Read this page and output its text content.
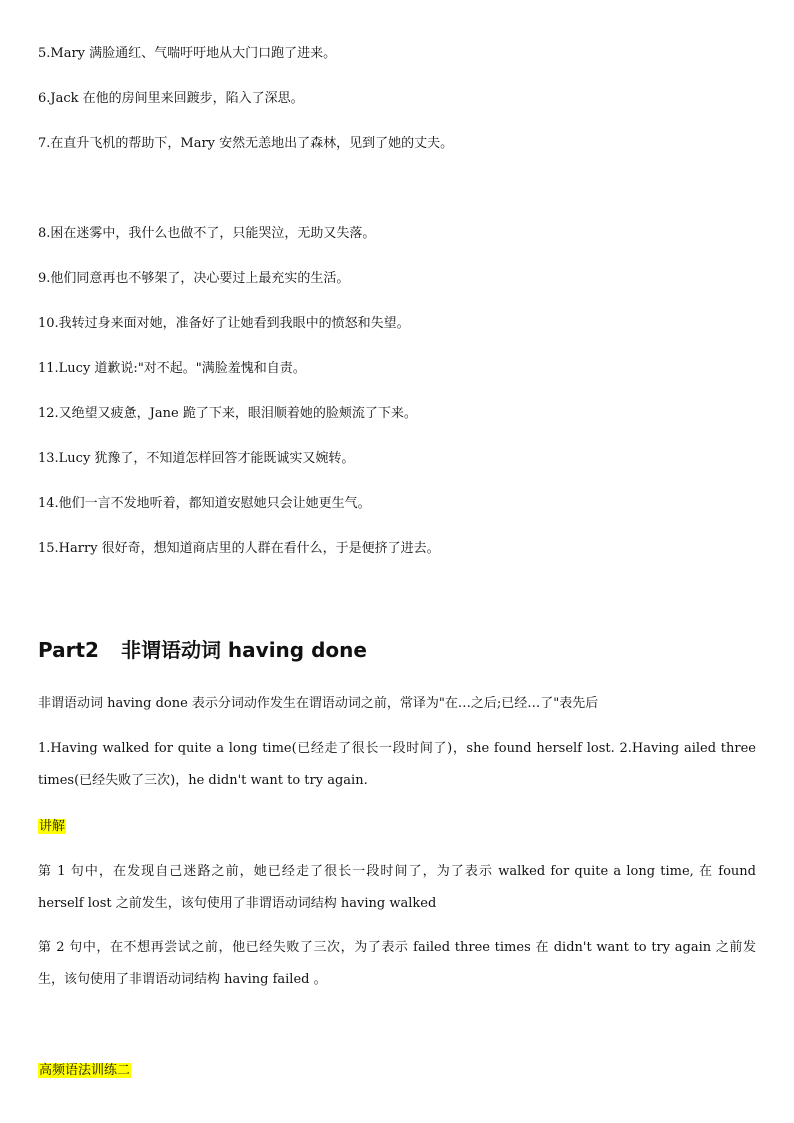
5.Mary 满脸通红、气喘吁吁地从大门口跑了进来。
6.Jack 在他的房间里来回踱步，陷入了深思。
7.在直升飞机的帮助下，Mary 安然无恙地出了森林，见到了她的丈夫。
8.困在迷雾中，我什么也做不了，只能哭泣，无助又失落。
9.他们同意再也不够架了，决心要过上最充实的生活。
10.我转过身来面对她，准备好了让她看到我眼中的愤怒和失望。
11.Lucy 道歉说:"对不起。"满脸羞愧和自责。
12.又绝望又疲惫，Jane 跪了下来，眼泪顺着她的脸颊流了下来。
13.Lucy 犹豫了，不知道怎样回答才能既诚实又婉转。
14.他们一言不发地听着，都知道安慰她只会让她更生气。
15.Harry 很好奇，想知道商店里的人群在看什么，于是便挤了进去。
Part2 非谓语动词 having done
非谓语动词 having done 表示分词动作发生在谓语动词之前，常译为"在…之后;已经…了"表先后
1.Having walked for quite a long time(已经走了很长一段时间了)，she found herself lost. 2.Having ailed three times(已经失败了三次)，he didn't want to try again.
讲解
第 1 句中，在发现自己迷路之前，她已经走了很长一段时间了，为了表示 walked for quite a long time, 在 found herself lost 之前发生，该句使用了非谓语动词结构 having walked
第 2 句中，在不想再尝试之前，他已经失败了三次，为了表示 failed three times 在 didn't want to try again 之前发生，该句使用了非谓语动词结构 having failed 。
高频语法训练二
